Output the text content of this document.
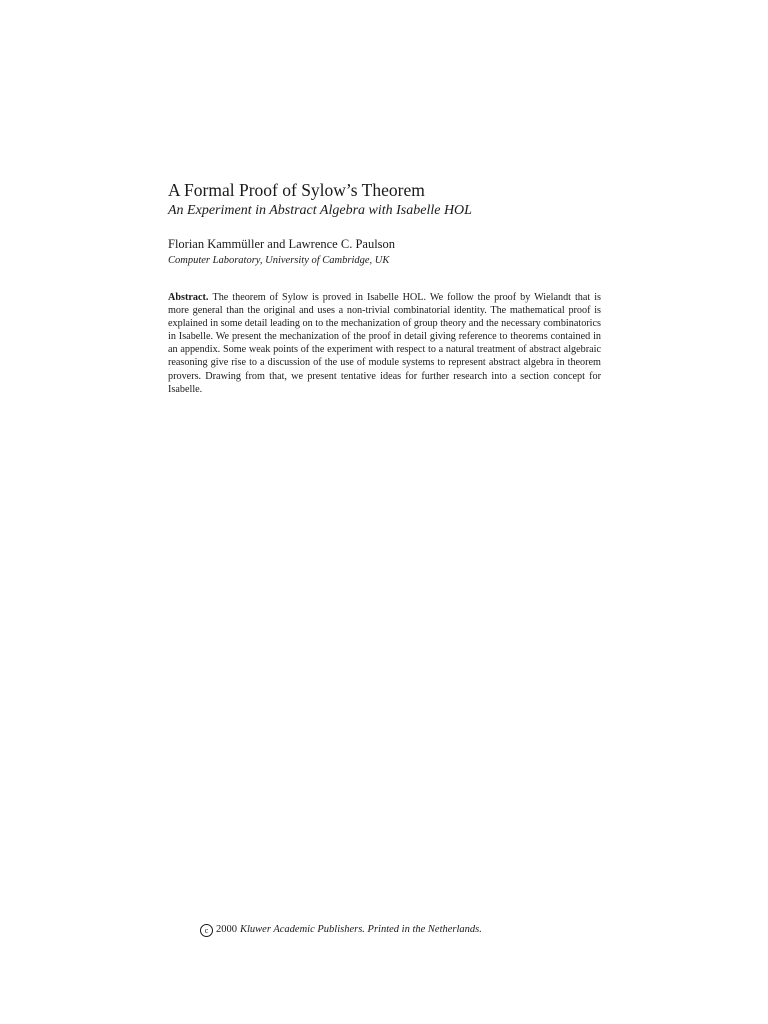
A Formal Proof of Sylow’s Theorem
An Experiment in Abstract Algebra with Isabelle HOL
Florian Kammüller and Lawrence C. Paulson
Computer Laboratory, University of Cambridge, UK

Abstract. The theorem of Sylow is proved in Isabelle HOL. We follow the proof by Wielandt that is more general than the original and uses a non-trivial combinatorial identity. The mathematical proof is explained in some detail leading on to the mechanization of group theory and the necessary combinatorics in Isabelle. We present the mechanization of the proof in detail giving reference to theorems contained in an appendix. Some weak points of the experiment with respect to a natural treatment of abstract algebraic reasoning give rise to a discussion of the use of module systems to represent abstract algebra in theorem provers. Drawing from that, we present tentative ideas for further research into a section concept for Isabelle.

c 2000 Kluwer Academic Publishers. Printed in the Netherlands.
